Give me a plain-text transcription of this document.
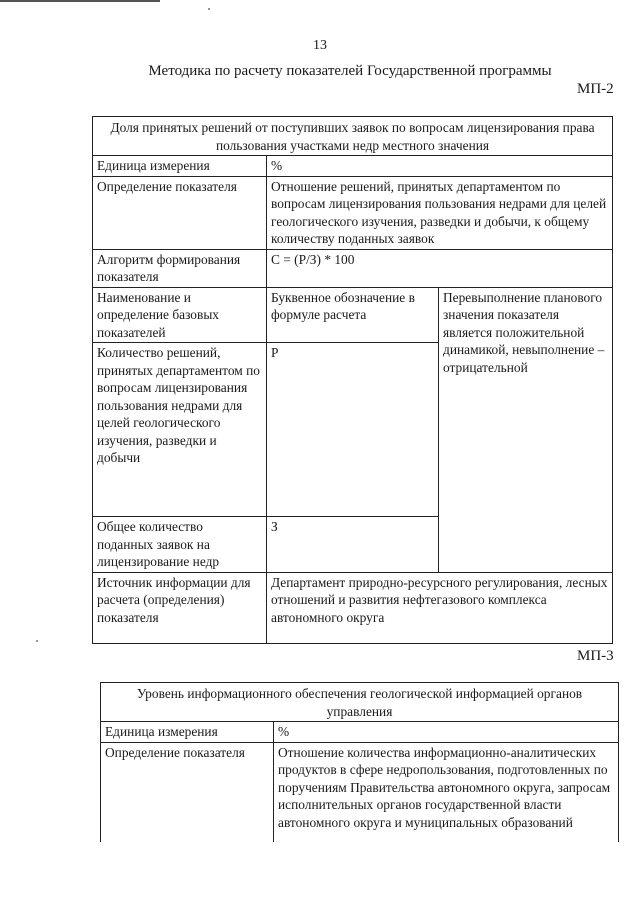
13
Методика по расчету показателей Государственной программы
МП-2
Доля принятых решений от поступивших заявок по вопросам лицензирования права пользования участками недр местного значения		
Единица измерения	%	
Определение показателя	Отношение решений, принятых департаментом по вопросам лицензирования пользования недрами для целей геологического изучения, разведки и добычи, к общему количеству поданных заявок	
Алгоритм формирования показателя	C = (Р/З) * 100	
Наименование и определение базовых показателей	Буквенное обозначение в формуле расчета	Перевыполнение планового значения показателя является положительной динамикой, невыполнение – отрицательной
Количество решений, принятых департаментом по вопросам лицензирования пользования недрами для целей геологического изучения, разведки и добычи	Р	
Общее количество поданных заявок на лицензирование недр	З	
Источник информации для расчета (определения) показателя	Департамент природно-ресурсного регулирования, лесных отношений и развития нефтегазового комплекса автономного округа	
МП-3
Уровень информационного обеспечения геологической информацией органов управления	
Единица измерения	%
Определение показателя	Отношение количества информационно-аналитических продуктов в сфере недропользования, подготовленных по поручениям Правительства автономного округа, запросам исполнительных органов государственной власти автономного округа и муниципальных образований
